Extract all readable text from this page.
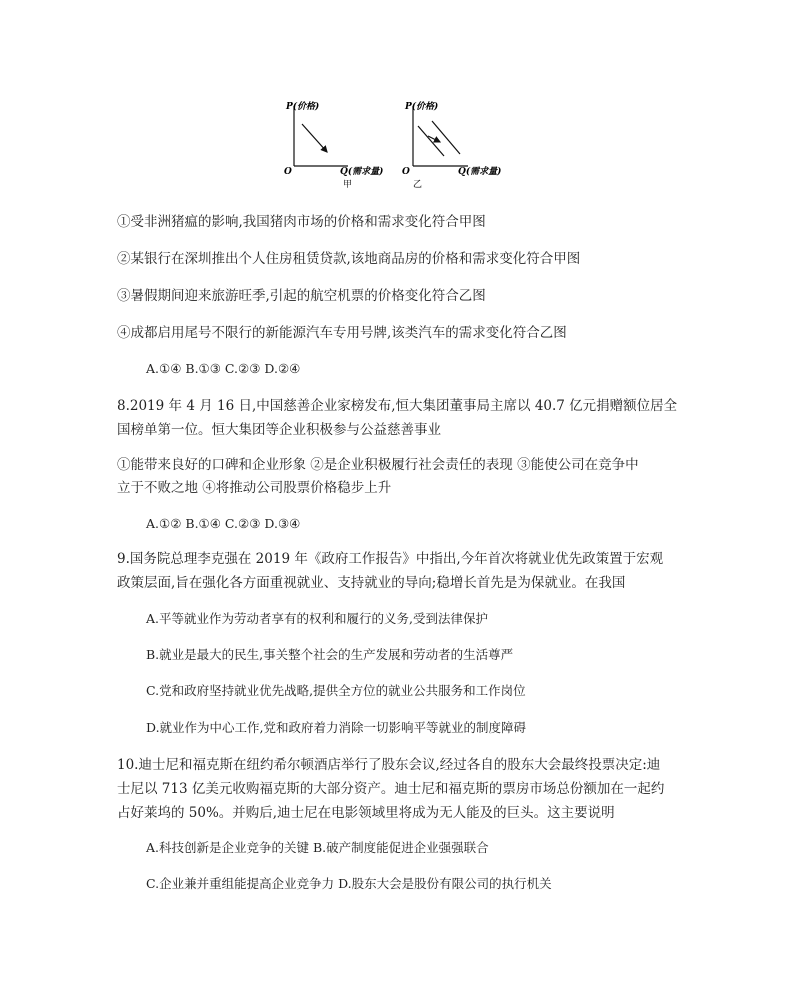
P(价格)
O	Q(需求量)
甲
P(价格)
O	Q(需求量)
乙
①受非洲猪瘟的影响,我国猪肉市场的价格和需求变化符合甲图
②某银行在深圳推出个人住房租赁贷款,该地商品房的价格和需求变化符合甲图
③暑假期间迎来旅游旺季,引起的航空机票的价格变化符合乙图
④成都启用尾号不限行的新能源汽车专用号牌,该类汽车的需求变化符合乙图
A.①④ B.①③ C.②③ D.②④
8.2019 年 4 月 16 日,中国慈善企业家榜发布,恒大集团董事局主席以 40.7 亿元捐赠额位居全
国榜单第一位。恒大集团等企业积极参与公益慈善事业
①能带来良好的口碑和企业形象 ②是企业积极履行社会责任的表现 ③能使公司在竞争中
立于不败之地 ④将推动公司股票价格稳步上升
A.①② B.①④ C.②③ D.③④
9.国务院总理李克强在 2019 年《政府工作报告》中指出,今年首次将就业优先政策置于宏观
政策层面,旨在强化各方面重视就业、支持就业的导向;稳增长首先是为保就业。在我国
A.平等就业作为劳动者享有的权利和履行的义务,受到法律保护
B.就业是最大的民生,事关整个社会的生产发展和劳动者的生活尊严
C.党和政府坚持就业优先战略,提供全方位的就业公共服务和工作岗位
D.就业作为中心工作,党和政府着力消除一切影响平等就业的制度障碍
10.迪士尼和福克斯在纽约希尔顿酒店举行了股东会议,经过各自的股东大会最终投票决定:迪
士尼以 713 亿美元收购福克斯的大部分资产。迪士尼和福克斯的票房市场总份额加在一起约
占好莱坞的 50%。并购后,迪士尼在电影领域里将成为无人能及的巨头。这主要说明
A.科技创新是企业竞争的关键 B.破产制度能促进企业强强联合
C.企业兼并重组能提高企业竞争力 D.股东大会是股份有限公司的执行机关
